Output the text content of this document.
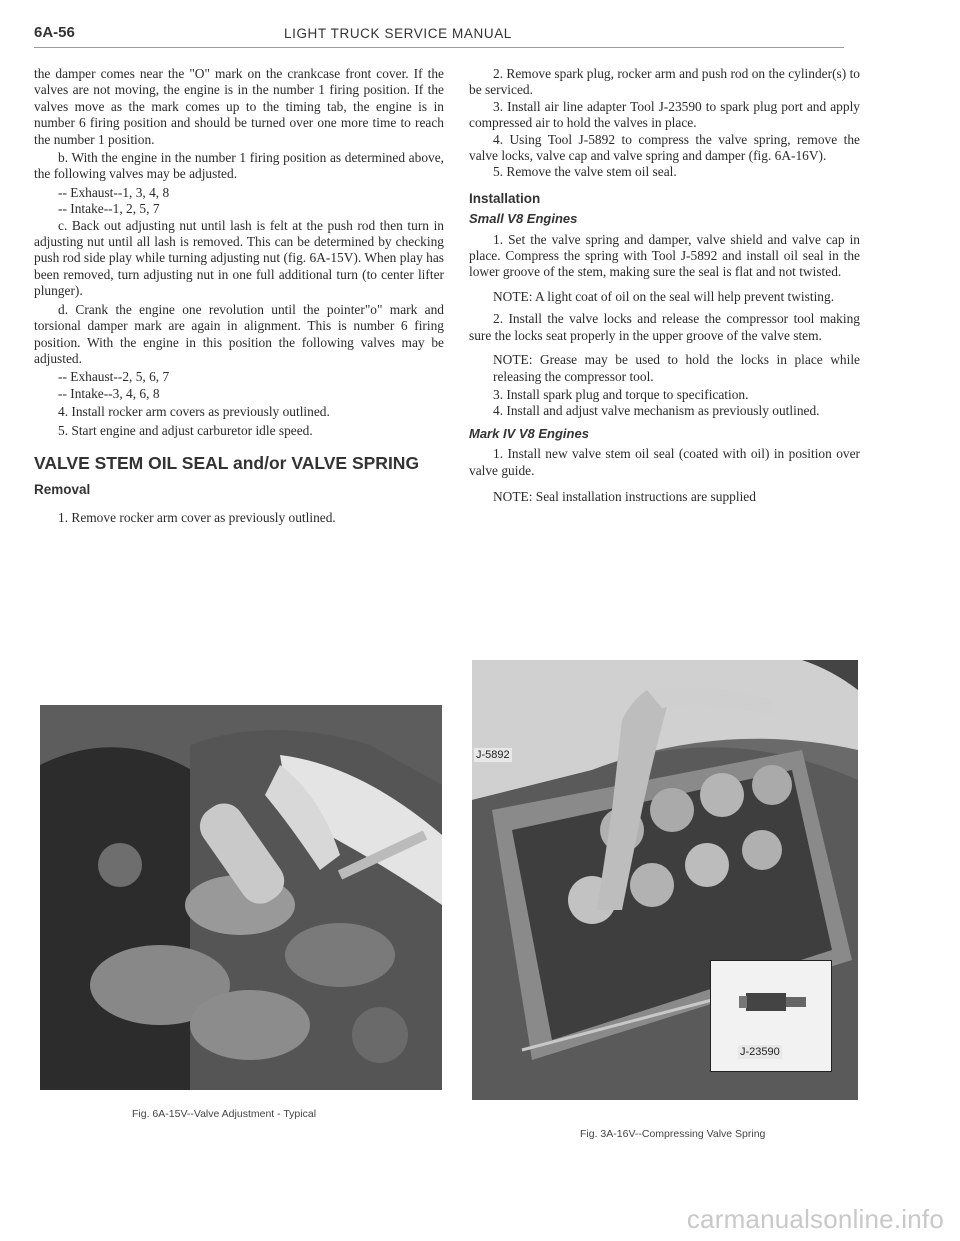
6A-56	LIGHT TRUCK SERVICE MANUAL

the damper comes near the "O" mark on the crankcase front cover. If the valves are not moving, the engine is in the number 1 firing position. If the valves move as the mark comes up to the timing tab, the engine is in number 6 firing position and should be turned over one more time to reach the number 1 position.

b. With the engine in the number 1 firing position as determined above, the following valves may be adjusted.

-- Exhaust--1, 3, 4, 8

-- Intake--1, 2, 5, 7

c. Back out adjusting nut until lash is felt at the push rod then turn in adjusting nut until all lash is removed. This can be determined by checking push rod side play while turning adjusting nut (fig. 6A-15V). When play has been removed, turn adjusting nut in one full additional turn (to center lifter plunger).

d. Crank the engine one revolution until the pointer"o" mark and torsional damper mark are again in alignment. This is number 6 firing position. With the engine in this position the following valves may be adjusted.

-- Exhaust--2, 5, 6, 7

-- Intake--3, 4, 6, 8

4. Install rocker arm covers as previously outlined.

5. Start engine and adjust carburetor idle speed.

VALVE STEM OIL SEAL and/or VALVE SPRING
Removal

1. Remove rocker arm cover as previously outlined.

Fig. 6A-15V--Valve Adjustment - Typical

2. Remove spark plug, rocker arm and push rod on the cylinder(s) to be serviced.

3. Install air line adapter Tool J-23590 to spark plug port and apply compressed air to hold the valves in place.

4. Using Tool J-5892 to compress the valve spring, remove the valve locks, valve cap and valve spring and damper (fig. 6A-16V).

5. Remove the valve stem oil seal.

Installation
Small V8 Engines

1. Set the valve spring and damper, valve shield and valve cap in place. Compress the spring with Tool J-5892 and install oil seal in the lower groove of the stem, making sure the seal is flat and not twisted.

NOTE: A light coat of oil on the seal will help prevent twisting.

2. Install the valve locks and release the compressor tool making sure the locks seat properly in the upper groove of the valve stem.

NOTE: Grease may be used to hold the locks in place while releasing the compressor tool.

3. Install spark plug and torque to specification.

4. Install and adjust valve mechanism as previously outlined.

Mark IV V8 Engines

1. Install new valve stem oil seal (coated with oil) in position over valve guide.

NOTE: Seal installation instructions are supplied

J-23590
J-5892
Fig. 3A-16V--Compressing Valve Spring
carmanualsonline.info
